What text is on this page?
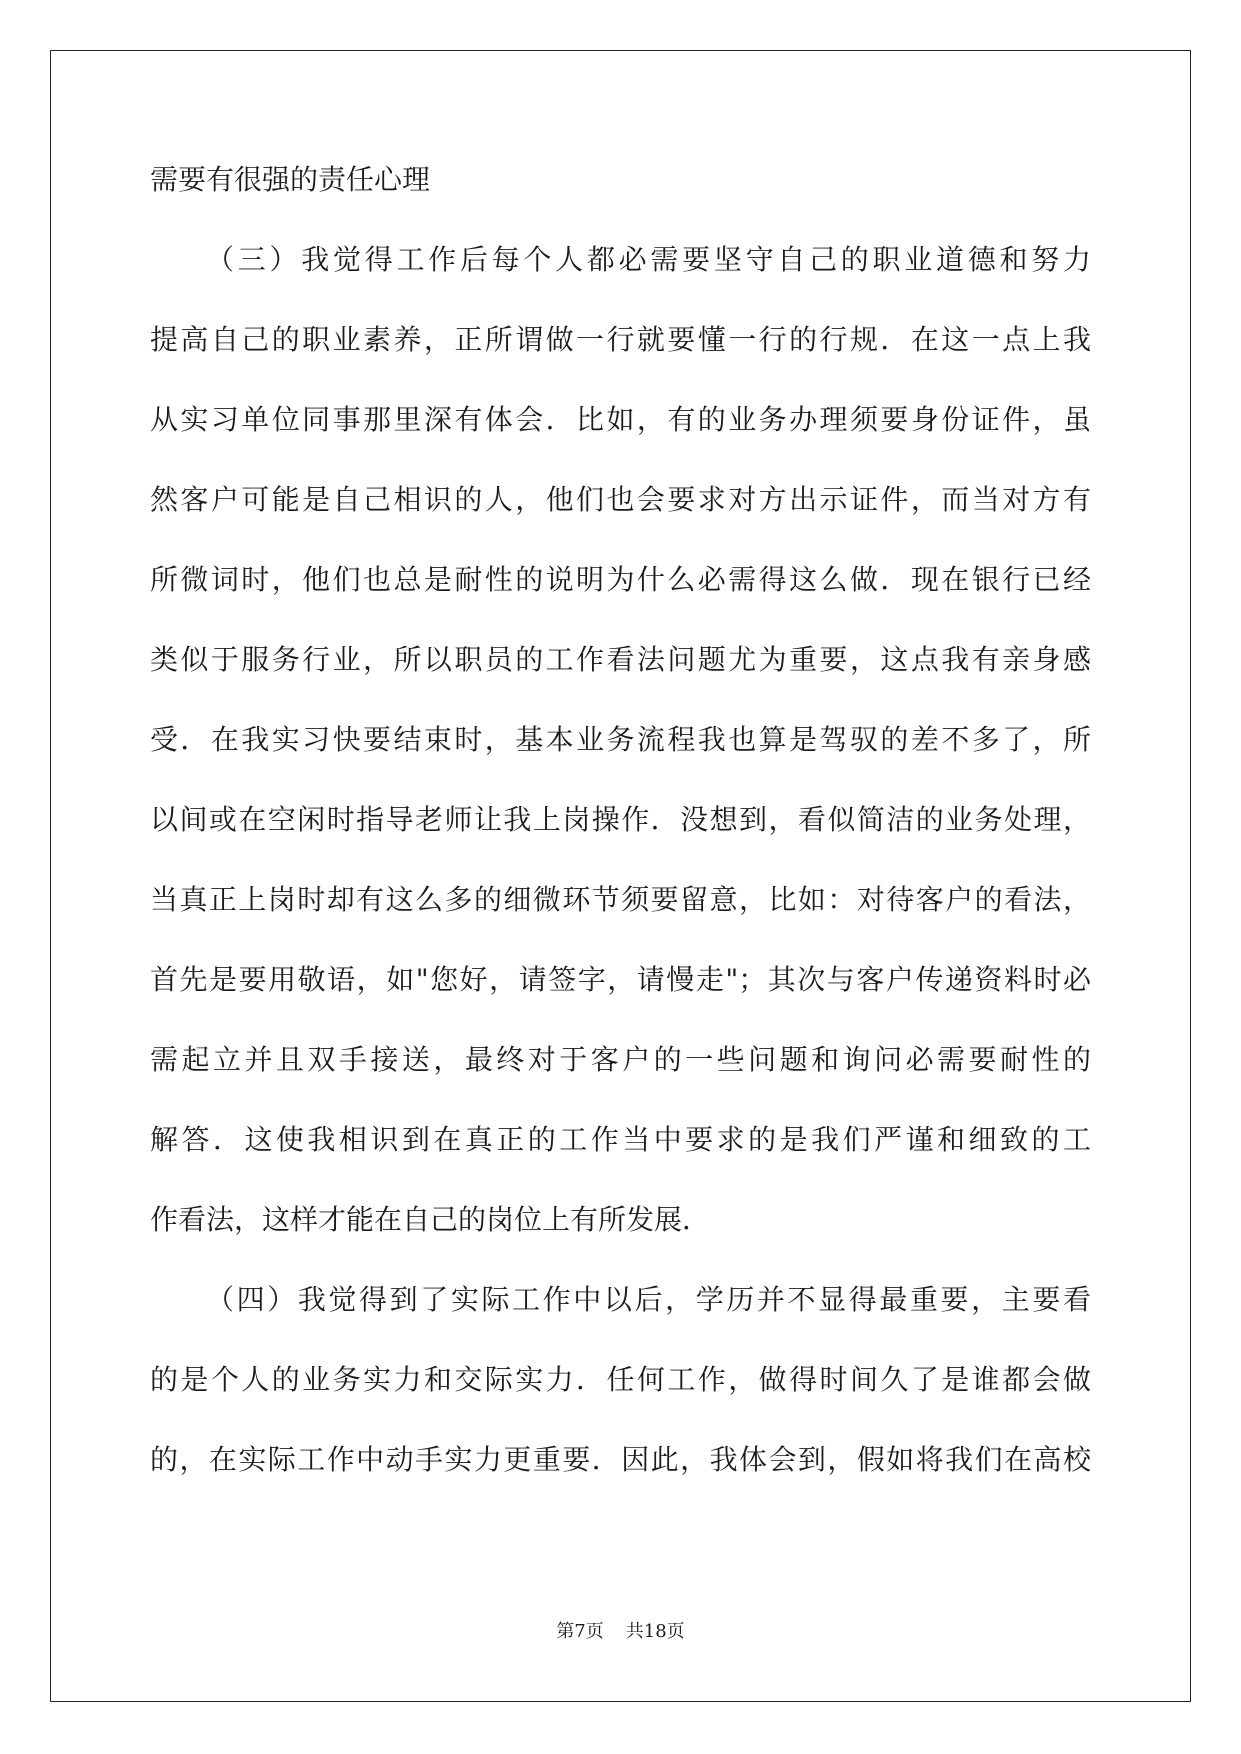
需要有很强的责任心理
（三）我觉得工作后每个人都必需要坚守自己的职业道德和努力
提高自己的职业素养，正所谓做一行就要懂一行的行规．在这一点上我
从实习单位同事那里深有体会．比如，有的业务办理须要身份证件，虽
然客户可能是自己相识的人，他们也会要求对方出示证件，而当对方有
所微词时，他们也总是耐性的说明为什么必需得这么做．现在银行已经
类似于服务行业，所以职员的工作看法问题尤为重要，这点我有亲身感
受．在我实习快要结束时，基本业务流程我也算是驾驭的差不多了，所
以间或在空闲时指导老师让我上岗操作．没想到，看似简洁的业务处理，
当真正上岗时却有这么多的细微环节须要留意，比如：对待客户的看法，
首先是要用敬语，如"您好，请签字，请慢走"；其次与客户传递资料时必
需起立并且双手接送，最终对于客户的一些问题和询问必需要耐性的
解答．这使我相识到在真正的工作当中要求的是我们严谨和细致的工
作看法，这样才能在自己的岗位上有所发展．
（四）我觉得到了实际工作中以后，学历并不显得最重要，主要看
的是个人的业务实力和交际实力．任何工作，做得时间久了是谁都会做
的，在实际工作中动手实力更重要．因此，我体会到，假如将我们在高校
第7页 共18页
